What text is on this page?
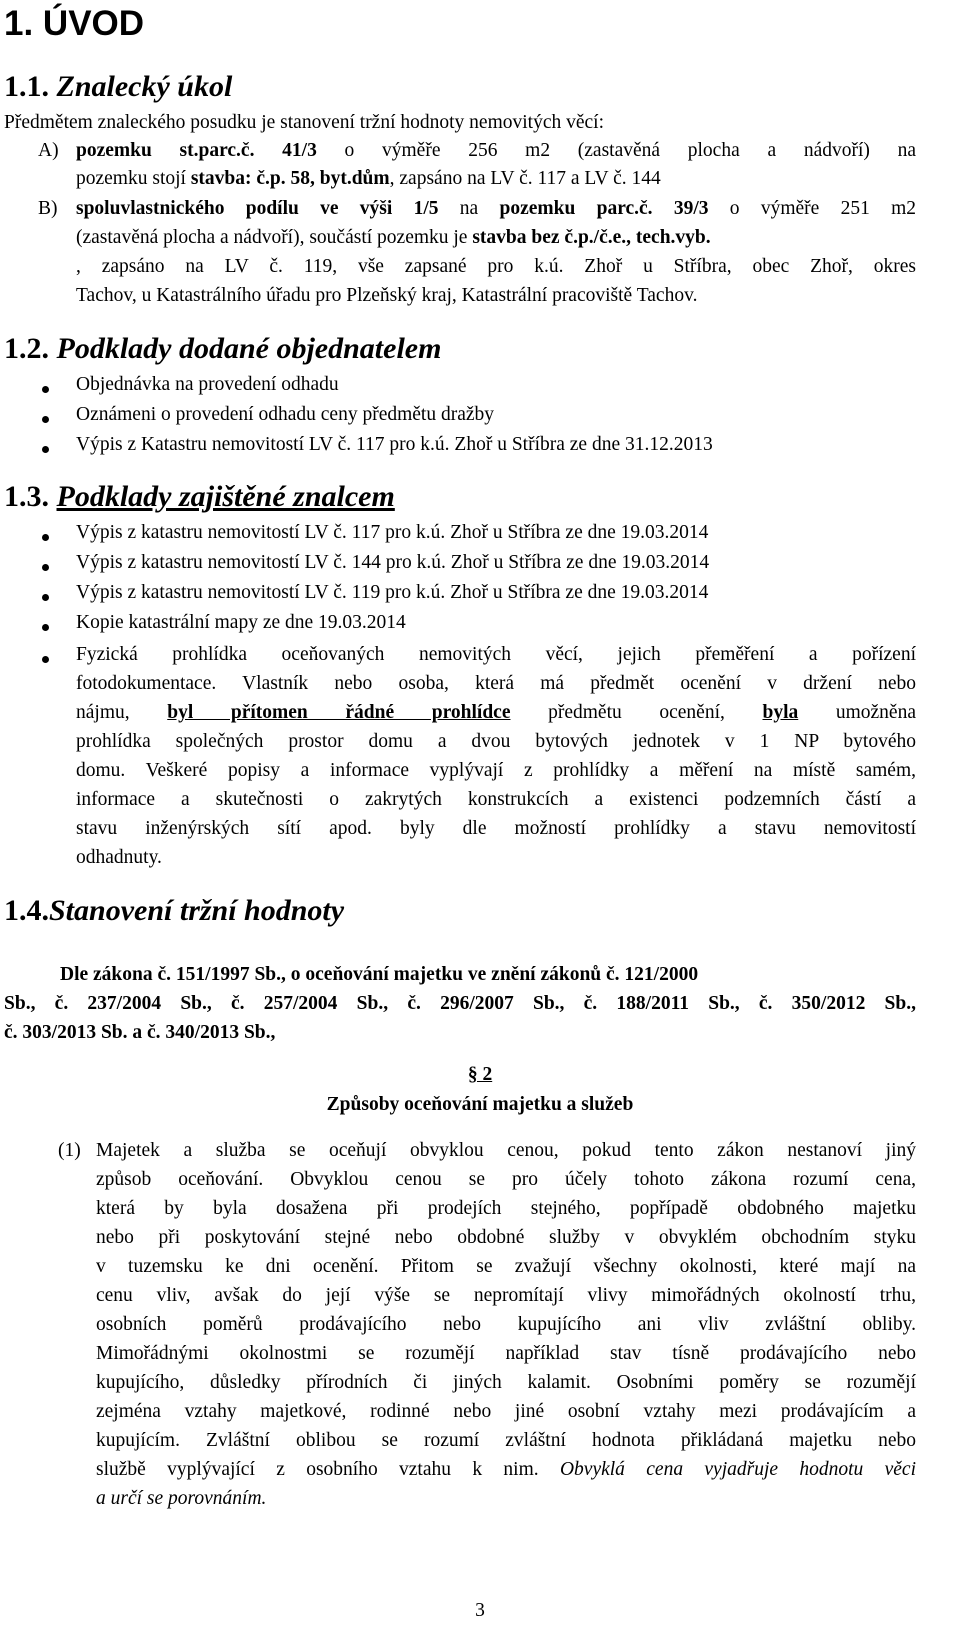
1. ÚVOD
1.1. Znalecký úkol
Předmětem znaleckého posudku je stanovení tržní hodnoty nemovitých věcí:
A) pozemku st.parc.č. 41/3 o výměře 256 m2 (zastavěná plocha a nádvoří) na
pozemku stojí stavba: č.p. 58, byt.dům, zapsáno na LV č. 117 a LV č. 144
B) spoluvlastnického podílu ve výši 1/5 na pozemku parc.č. 39/3 o výměře 251 m2
(zastavěná plocha a nádvoří), součástí pozemku je stavba bez č.p./č.e., tech.vyb.
, zapsáno na LV č. 119, vše zapsané pro k.ú. Zhoř u Stříbra, obec Zhoř, okres
Tachov, u Katastrálního úřadu pro Plzeňský kraj, Katastrální pracoviště Tachov.
1.2. Podklady dodané objednatelem
Objednávka na provedení odhadu
Oznámeni o provedení odhadu ceny předmětu dražby
Výpis z Katastru nemovitostí LV č. 117 pro k.ú. Zhoř u Stříbra ze dne 31.12.2013
1.3. Podklady zajištěné znalcem
Výpis z katastru nemovitostí LV č. 117 pro k.ú. Zhoř u Stříbra ze dne 19.03.2014
Výpis z katastru nemovitostí LV č. 144 pro k.ú. Zhoř u Stříbra ze dne 19.03.2014
Výpis z katastru nemovitostí LV č. 119 pro k.ú. Zhoř u Stříbra ze dne 19.03.2014
Kopie katastrální mapy ze dne 19.03.2014
Fyzická prohlídka oceňovaných nemovitých věcí, jejich přeměření a pořízení
fotodokumentace. Vlastník nebo osoba, která má předmět ocenění v držení nebo
nájmu, byl přítomen řádné prohlídce předmětu ocenění, byla umožněna
prohlídka společných prostor domu a dvou bytových jednotek v 1 NP bytového
domu. Veškeré popisy a informace vyplývají z prohlídky a měření na místě samém,
informace a skutečnosti o zakrytých konstrukcích a existenci podzemních částí a
stavu inženýrských sítí apod. byly dle možností prohlídky a stavu nemovitostí
odhadnuty.
1.4.Stanovení tržní hodnoty
Dle zákona č. 151/1997 Sb., o oceňování majetku ve znění zákonů č. 121/2000
Sb., č. 237/2004 Sb., č. 257/2004 Sb., č. 296/2007 Sb., č. 188/2011 Sb., č. 350/2012 Sb.,
č. 303/2013 Sb. a č. 340/2013 Sb.,
§ 2
Způsoby oceňování majetku a služeb
(1) Majetek a služba se oceňují obvyklou cenou, pokud tento zákon nestanoví jiný
způsob oceňování. Obvyklou cenou se pro účely tohoto zákona rozumí cena,
která by byla dosažena při prodejích stejného, popřípadě obdobného majetku
nebo při poskytování stejné nebo obdobné služby v obvyklém obchodním styku
v tuzemsku ke dni ocenění. Přitom se zvažují všechny okolnosti, které mají na
cenu vliv, avšak do její výše se nepromítají vlivy mimořádných okolností trhu,
osobních poměrů prodávajícího nebo kupujícího ani vliv zvláštní obliby.
Mimořádnými okolnostmi se rozumějí například stav tísně prodávajícího nebo
kupujícího, důsledky přírodních či jiných kalamit. Osobními poměry se rozumějí
zejména vztahy majetkové, rodinné nebo jiné osobní vztahy mezi prodávajícím a
kupujícím. Zvláštní oblibou se rozumí zvláštní hodnota přikládaná majetku nebo
službě vyplývající z osobního vztahu k nim. Obvyklá cena vyjadřuje hodnotu věci
a určí se porovnáním.
3
